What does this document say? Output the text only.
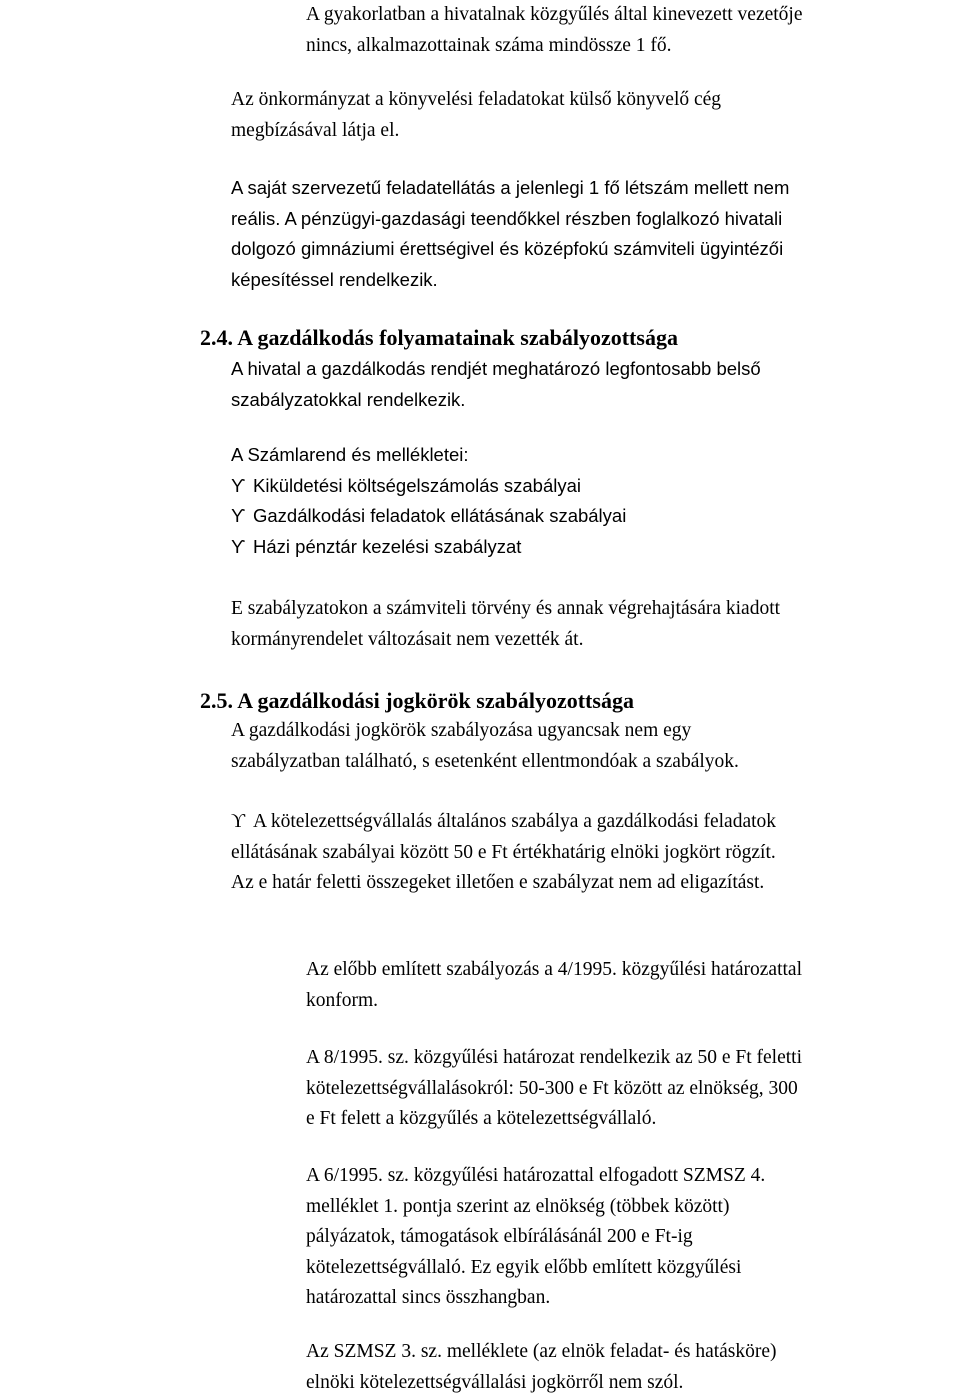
A gyakorlatban a hivatalnak közgyűlés által kinevezett vezetője
nincs, alkalmazottainak száma mindössze 1 fő.

Az önkormányzat a könyvelési feladatokat külső könyvelő cég
megbízásával látja el.

A saját szervezetű feladatellátás a jelenlegi 1 fő létszám mellett nem
reális. A pénzügyi-gazdasági teendőkkel részben foglalkozó hivatali
dolgozó gimnáziumi érettségivel és középfokú számviteli ügyintézői
képesítéssel rendelkezik.

2.4. A gazdálkodás folyamatainak szabályozottsága

A hivatal a gazdálkodás rendjét meghatározó legfontosabb belső
szabályzatokkal rendelkezik.

A Számlarend és mellékletei:
ϒ Kiküldetési költségelszámolás szabályai
ϒ Gazdálkodási feladatok ellátásának szabályai
ϒ Házi pénztár kezelési szabályzat

E szabályzatokon a számviteli törvény és annak végrehajtására kiadott
kormányrendelet változásait nem vezették át.

2.5. A gazdálkodási jogkörök szabályozottsága

A gazdálkodási jogkörök szabályozása ugyancsak nem egy
szabályzatban található, s esetenként ellentmondóak a szabályok.

ϒ A kötelezettségvállalás általános szabálya a gazdálkodási feladatok
ellátásának szabályai között 50 e Ft értékhatárig elnöki jogkört rögzít.
Az e határ feletti összegeket illetően e szabályzat nem ad eligazítást.

Az előbb említett szabályozás a 4/1995. közgyűlési határozattal
konform.

A 8/1995. sz. közgyűlési határozat rendelkezik az 50 e Ft feletti
kötelezettségvállalásokról: 50-300 e Ft között az elnökség, 300
e Ft felett a közgyűlés a kötelezettségvállaló.

A 6/1995. sz. közgyűlési határozattal elfogadott SZMSZ 4.
melléklet 1. pontja szerint az elnökség (többek között)
pályázatok, támogatások elbírálásánál 200 e Ft-ig
kötelezettségvállaló. Ez egyik előbb említett közgyűlési
határozattal sincs összhangban.

Az SZMSZ 3. sz. melléklete (az elnök feladat- és hatásköre)
elnöki kötelezettségvállalási jogkörről nem szól.
